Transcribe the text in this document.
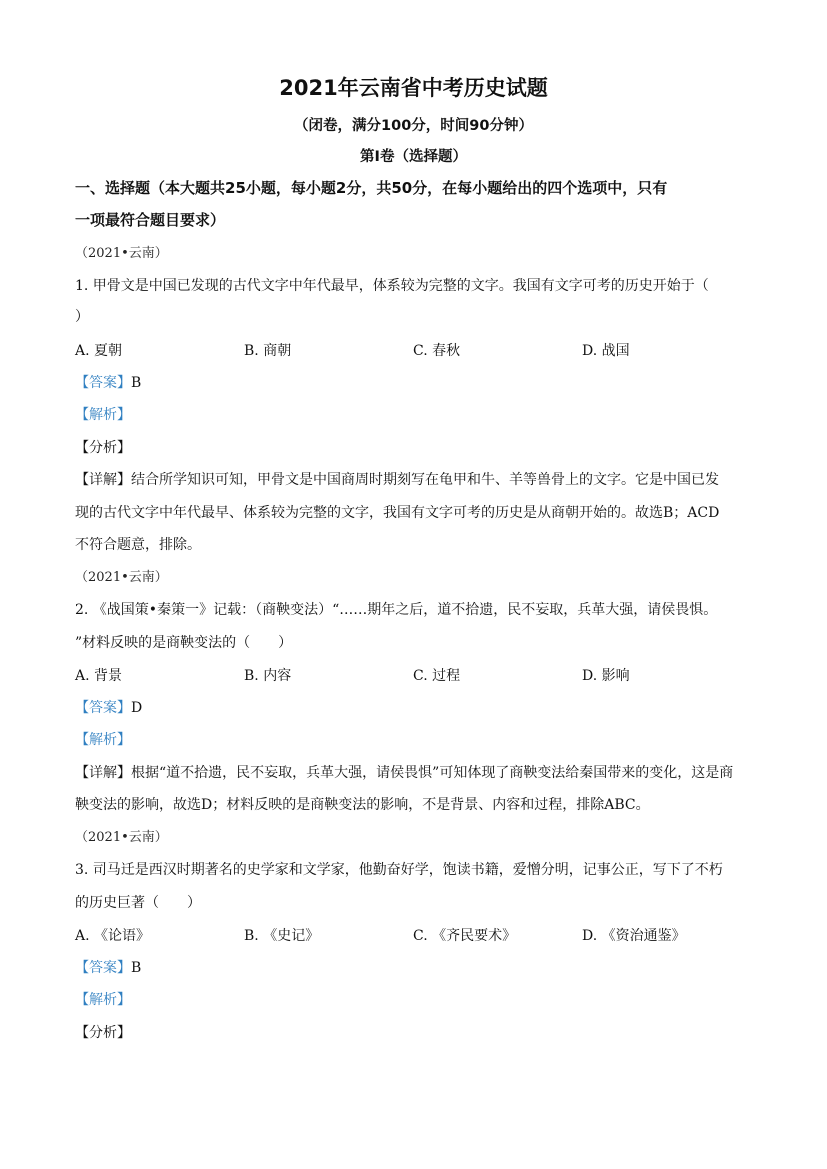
2021年云南省中考历史试题
（闭卷，满分100分，时间90分钟）
第Ⅰ卷（选择题）
一、选择题（本大题共25小题，每小题2分，共50分，在每小题给出的四个选项中，只有
一项最符合题目要求）
（2021•云南）
1. 甲骨文是中国已发现的古代文字中年代最早，体系较为完整的文字。我国有文字可考的历史开始于（
）
A. 夏朝	B. 商朝	C. 春秋	D. 战国
【答案】B
【解析】
【分析】
【详解】结合所学知识可知，甲骨文是中国商周时期刻写在龟甲和牛、羊等兽骨上的文字。它是中国已发
现的古代文字中年代最早、体系较为完整的文字，我国有文字可考的历史是从商朝开始的。故选B；ACD
不符合题意，排除。
（2021•云南）
2. 《战国策•秦策一》记载：（商鞅变法）“……期年之后，道不拾遗，民不妄取，兵革大强，请侯畏惧。
”材料反映的是商鞅变法的（　　）
A. 背景	B. 内容	C. 过程	D. 影响
【答案】D
【解析】
【详解】根据“道不拾遗，民不妄取，兵革大强，请侯畏惧”可知体现了商鞅变法给秦国带来的变化，这是商
鞅变法的影响，故选D；材料反映的是商鞅变法的影响，不是背景、内容和过程，排除ABC。
（2021•云南）
3. 司马迁是西汉时期著名的史学家和文学家，他勤奋好学，饱读书籍，爱憎分明，记事公正，写下了不朽
的历史巨著（　　）
A. 《论语》	B. 《史记》	C. 《齐民要术》	D. 《资治通鉴》
【答案】B
【解析】
【分析】
